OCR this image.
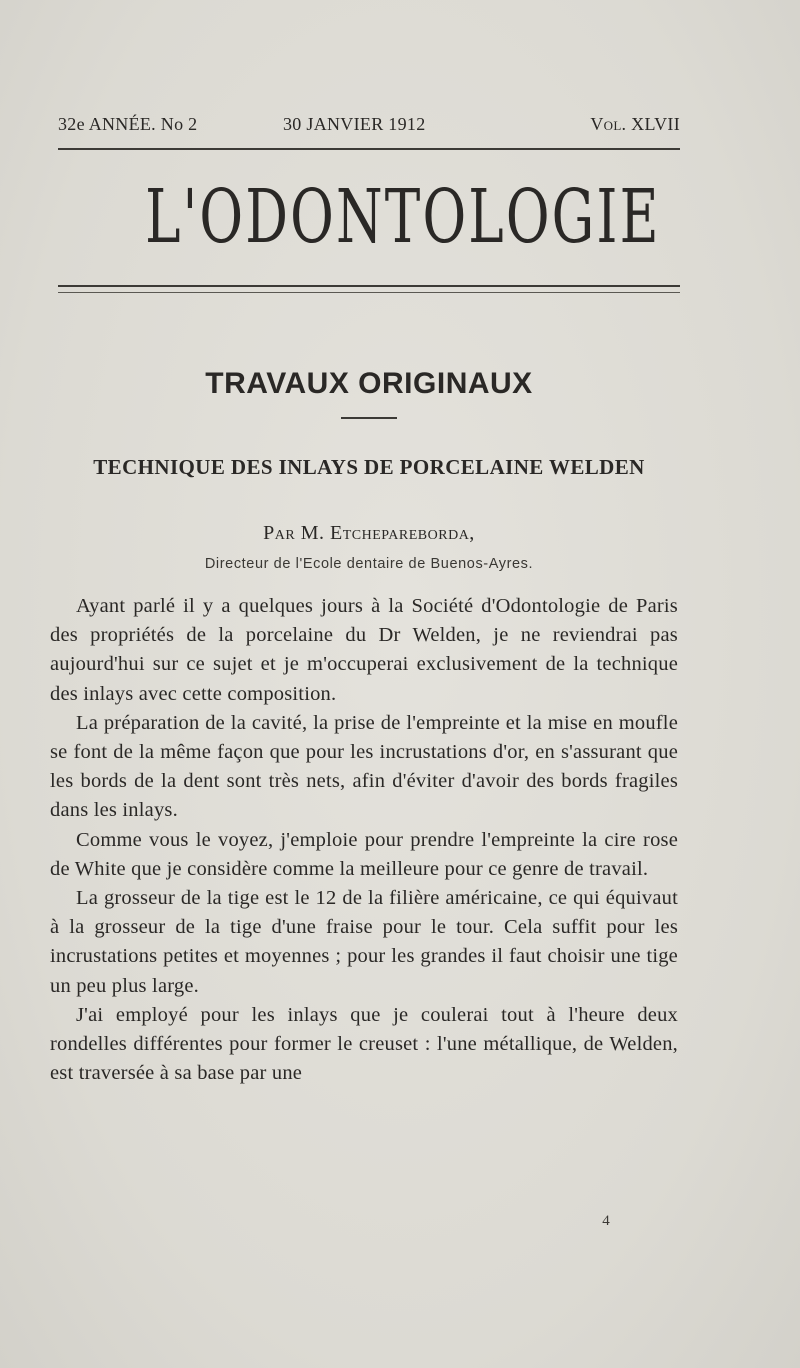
32e ANNÉE. No 2	30 JANVIER 1912	Vol. XLVII
L'ODONTOLOGIE
TRAVAUX ORIGINAUX
TECHNIQUE DES INLAYS DE PORCELAINE WELDEN
Par M. Etchepareborda,
Directeur de l'Ecole dentaire de Buenos-Ayres.

Ayant parlé il y a quelques jours à la Société d'Odontologie de Paris des propriétés de la porcelaine du Dr Welden, je ne reviendrai pas aujourd'hui sur ce sujet et je m'occuperai exclusivement de la technique des inlays avec cette composition.

La préparation de la cavité, la prise de l'empreinte et la mise en moufle se font de la même façon que pour les incrustations d'or, en s'assurant que les bords de la dent sont très nets, afin d'éviter d'avoir des bords fragiles dans les inlays.

Comme vous le voyez, j'emploie pour prendre l'empreinte la cire rose de White que je considère comme la meilleure pour ce genre de travail.

La grosseur de la tige est le 12 de la filière américaine, ce qui équivaut à la grosseur de la tige d'une fraise pour le tour. Cela suffit pour les incrustations petites et moyennes ; pour les grandes il faut choisir une tige un peu plus large.

J'ai employé pour les inlays que je coulerai tout à l'heure deux rondelles différentes pour former le creuset : l'une métallique, de Welden, est traversée à sa base par une

4
